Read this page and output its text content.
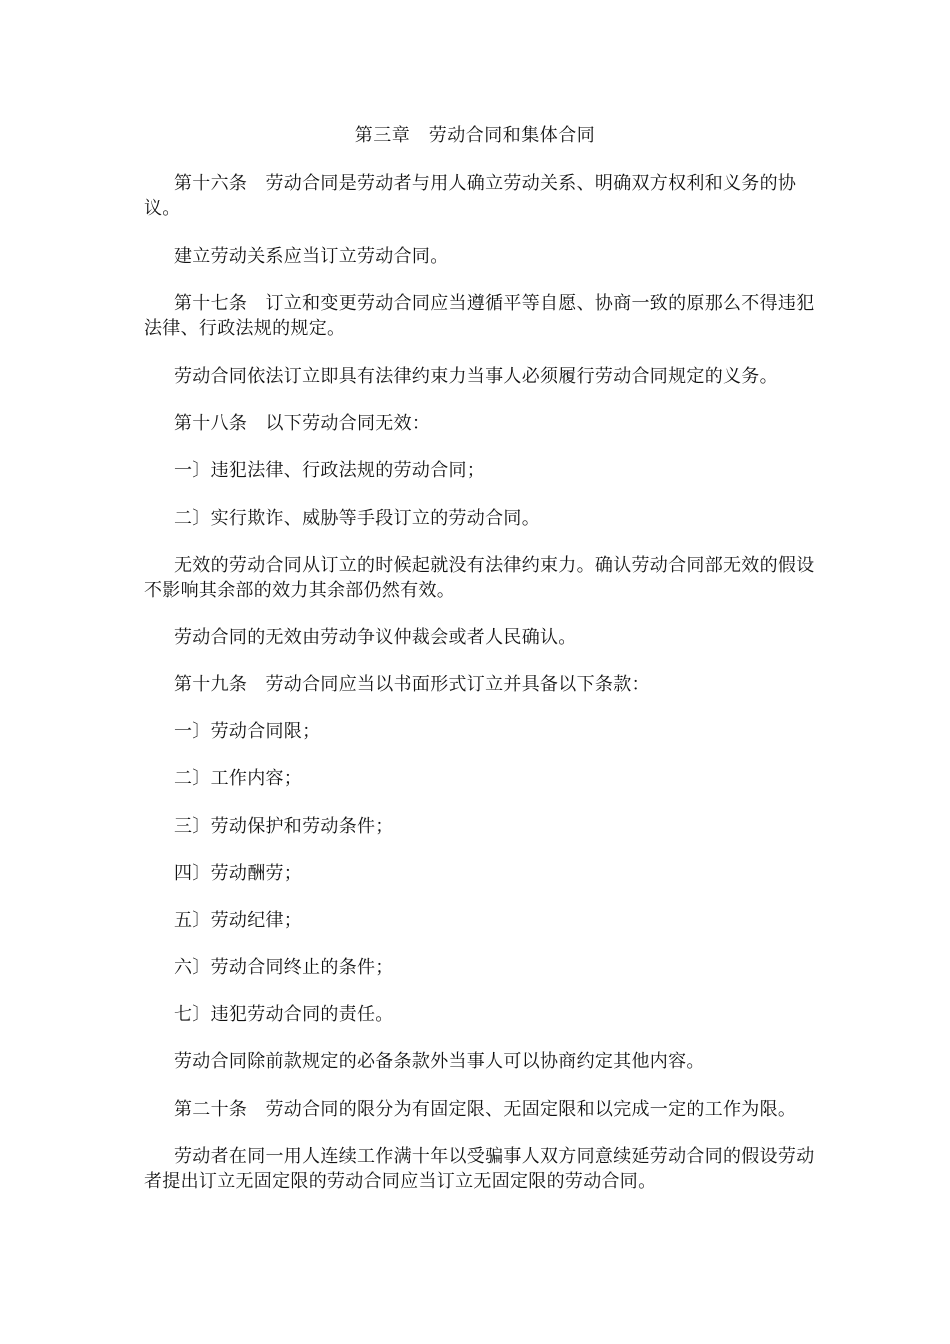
第三章　劳动合同和集体合同

第十六条　劳动合同是劳动者与用人确立劳动关系、明确双方权利和义务的协议。

建立劳动关系应当订立劳动合同。

第十七条　订立和变更劳动合同应当遵循平等自愿、协商一致的原那么不得违犯法律、行政法规的规定。

劳动合同依法订立即具有法律约束力当事人必须履行劳动合同规定的义务。

第十八条　以下劳动合同无效：

一〕违犯法律、行政法规的劳动合同；

二〕实行欺诈、威胁等手段订立的劳动合同。

无效的劳动合同从订立的时候起就没有法律约束力。确认劳动合同部无效的假设不影响其余部的效力其余部仍然有效。

劳动合同的无效由劳动争议仲裁会或者人民确认。

第十九条　劳动合同应当以书面形式订立并具备以下条款：

一〕劳动合同限；

二〕工作内容；

三〕劳动保护和劳动条件；

四〕劳动酬劳；

五〕劳动纪律；

六〕劳动合同终止的条件；

七〕违犯劳动合同的责任。

劳动合同除前款规定的必备条款外当事人可以协商约定其他内容。

第二十条　劳动合同的限分为有固定限、无固定限和以完成一定的工作为限。

劳动者在同一用人连续工作满十年以受骗事人双方同意续延劳动合同的假设劳动者提出订立无固定限的劳动合同应当订立无固定限的劳动合同。
